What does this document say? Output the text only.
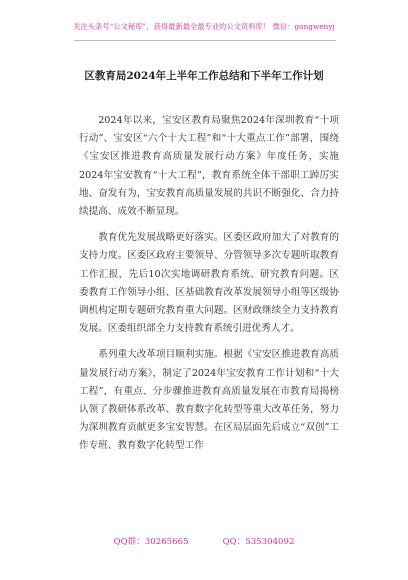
关注头条号“公文秘库”，获得最新最全最专业的公文资料库！ 微信：gongwenyj
区教育局2024年上半年工作总结和下半年工作计划

2024年以来，宝安区教育局聚焦2024年深圳教育“十项行动”、宝安区“六个十大工程”和“十大重点工作”部署，围绕《宝安区推进教育高质量发展行动方案》年度任务，实施2024年宝安教育“十大工程”，教育系统全体干部职工踔厉实地、奋发有为，宝安教育高质量发展的共识不断强化、合力持续提高、成效不断显现。

教育优先发展战略更好落实。区委区政府加大了对教育的支持力度。区委区政府主要领导、分管领导多次专题听取教育工作汇报，先后10次实地调研教育系统、研究教育问题。区委教育工作领导小组、区基础教育改革发展领导小组等区级协调机构定期专题研究教育重大问题。区财政继续全力支持教育发展。区委组织部全力支持教育系统引进优秀人才。

系列重大改革项目顺利实施。根据《宝安区推进教育高质量发展行动方案》，制定了2024年宝安教育工作计划和“十大工程”，有重点、分步骤推进教育高质量发展在市教育局揭榜认领了教研体系改革、教育数字化转型等重大改革任务，努力为深圳教育贡献更多宝安智慧。在区局层面先后成立“双创”工作专班、教育数字化转型工作

QQ群：30265665	QQ：535304092
